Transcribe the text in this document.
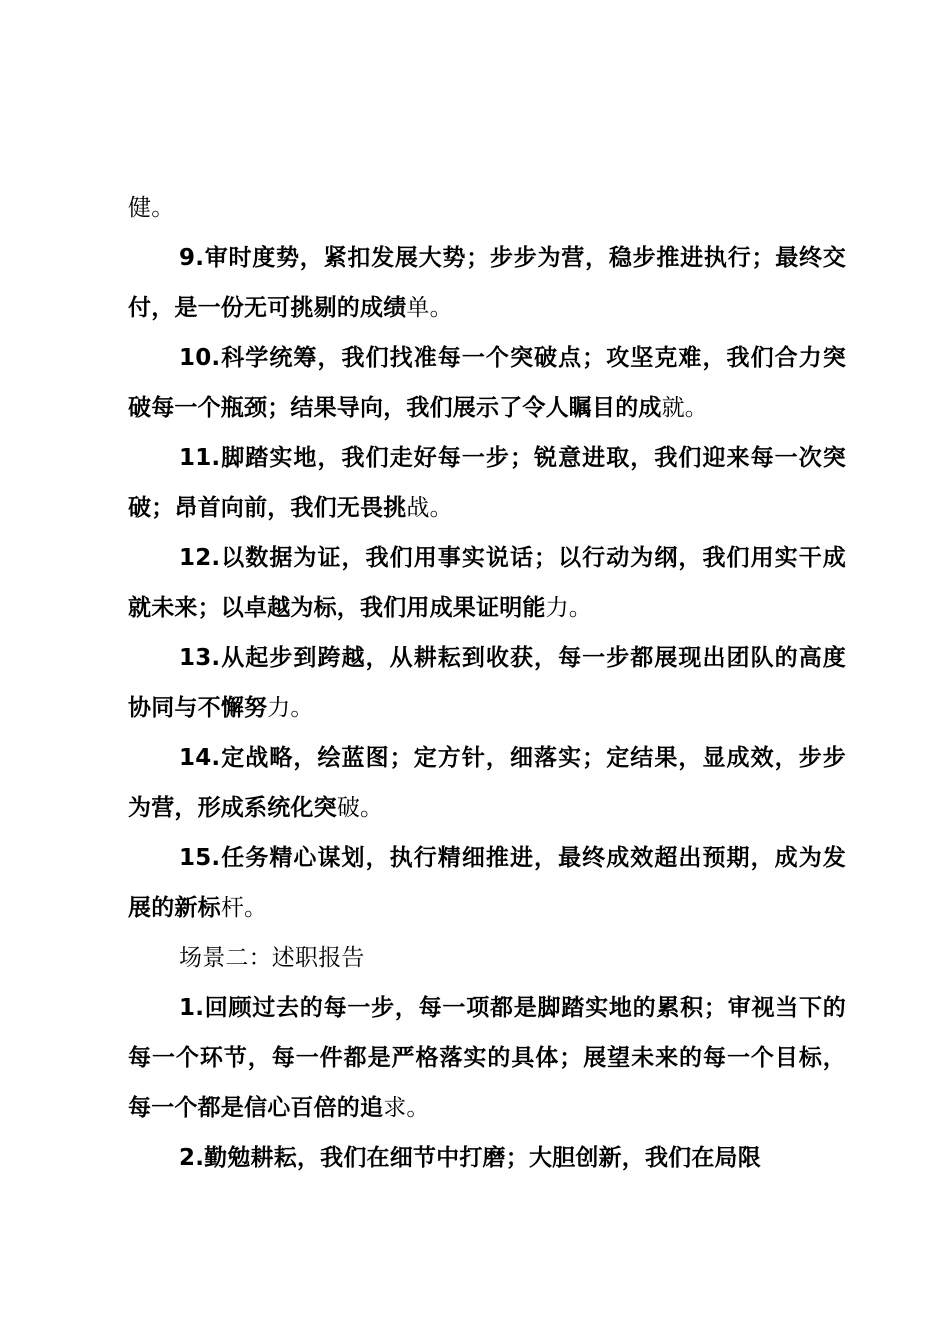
健。

9.审时度势，紧扣发展大势；步步为营，稳步推进执行；最终交付，是一份无可挑剔的成绩单。

10.科学统筹，我们找准每一个突破点；攻坚克难，我们合力突破每一个瓶颈；结果导向，我们展示了令人瞩目的成就。

11.脚踏实地，我们走好每一步；锐意进取，我们迎来每一次突破；昂首向前，我们无畏挑战。

12.以数据为证，我们用事实说话；以行动为纲，我们用实干成就未来；以卓越为标，我们用成果证明能力。

13.从起步到跨越，从耕耘到收获，每一步都展现出团队的高度协同与不懈努力。

14.定战略，绘蓝图；定方针，细落实；定结果，显成效，步步为营，形成系统化突破。

15.任务精心谋划，执行精细推进，最终成效超出预期，成为发展的新标杆。

场景二：述职报告

1.回顾过去的每一步，每一项都是脚踏实地的累积；审视当下的每一个环节，每一件都是严格落实的具体；展望未来的每一个目标，每一个都是信心百倍的追求。

2.勤勉耕耘，我们在细节中打磨；大胆创新，我们在局限
